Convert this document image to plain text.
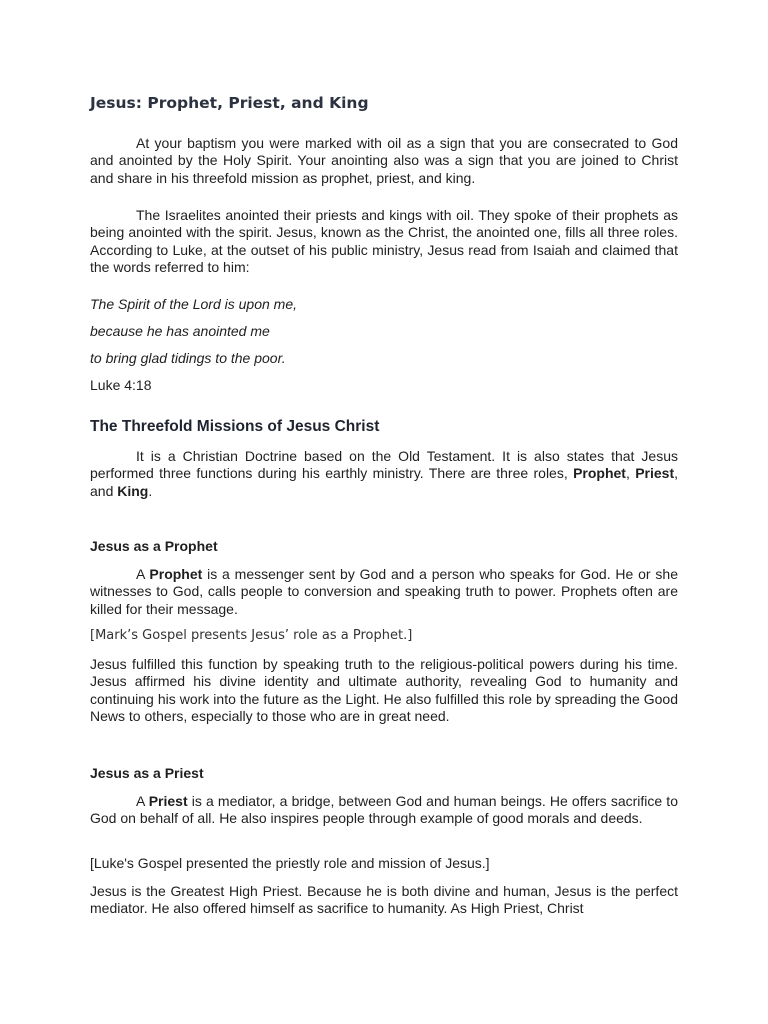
Jesus: Prophet, Priest, and King

At your baptism you were marked with oil as a sign that you are consecrated to God and anointed by the Holy Spirit. Your anointing also was a sign that you are joined to Christ and share in his threefold mission as prophet, priest, and king.

The Israelites anointed their priests and kings with oil. They spoke of their prophets as being anointed with the spirit. Jesus, known as the Christ, the anointed one, fills all three roles. According to Luke, at the outset of his public ministry, Jesus read from Isaiah and claimed that the words referred to him:

The Spirit of the Lord is upon me,
because he has anointed me
to bring glad tidings to the poor.
Luke 4:18
The Threefold Missions of Jesus Christ

It is a Christian Doctrine based on the Old Testament. It is also states that Jesus performed three functions during his earthly ministry. There are three roles, Prophet, Priest, and King.

Jesus as a Prophet

A Prophet is a messenger sent by God and a person who speaks for God. He or she witnesses to God, calls people to conversion and speaking truth to power. Prophets often are killed for their message.

[Mark’s Gospel presents Jesus’ role as a Prophet.]

Jesus fulfilled this function by speaking truth to the religious-political powers during his time. Jesus affirmed his divine identity and ultimate authority, revealing God to humanity and continuing his work into the future as the Light. He also fulfilled this role by spreading the Good News to others, especially to those who are in great need.

Jesus as a Priest

A Priest is a mediator, a bridge, between God and human beings. He offers sacrifice to God on behalf of all. He also inspires people through example of good morals and deeds.

[Luke's Gospel presented the priestly role and mission of Jesus.]

Jesus is the Greatest High Priest. Because he is both divine and human, Jesus is the perfect mediator. He also offered himself as sacrifice to humanity. As High Priest, Christ
